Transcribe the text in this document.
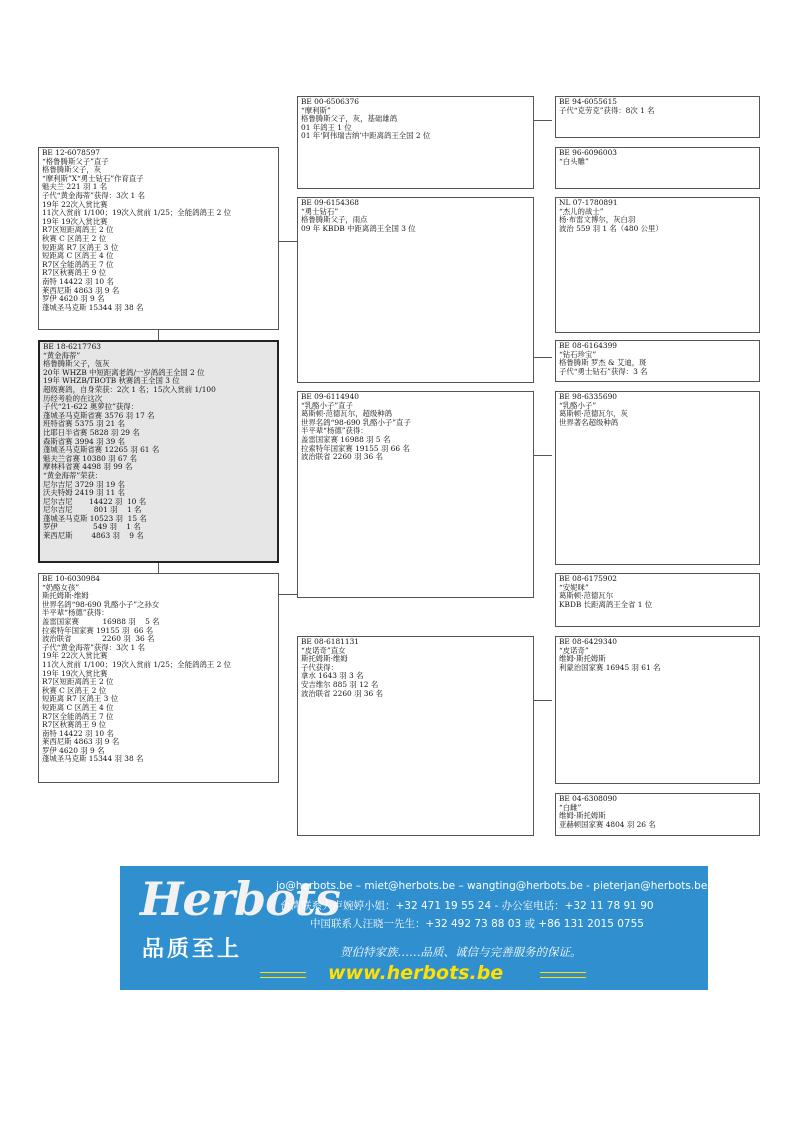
BE 12-6078597
“格鲁腾斯父子”直子
格鲁腾斯父子，灰
“摩利斯”X“勇士钻石”作育直子
魁夫兰 221 羽 1 名
子代“黄金海蒂”获得：3次 1 名
19年 22次入赏比赛
11次入赏前 1/100；19次入赏前 1/25；全能鸽鸽王 2 位
19年 19次入赏比赛
R7区短距离鸽王 2 位
秋赛 C 区鸽王 2 位
短距离 R7 区鸽王 3 位
短距离 C 区鸽王 4 位
R7区全能鸽鸽王 7 位
R7区秋赛鸽王 9 位
南特 14422 羽 10 名
莱西尼斯 4863 羽 9 名
罗伊 4620 羽 9 名
蓬城圣马克斯 15344 羽 38 名
BE 18-6217763
“黄金海蒂”
格鲁腾斯父子，瓴灰
20年 WHZB 中短距离老鸽/一岁鸽鸽王全国 2 位
19年 WHZB/TBOTB 秋赛鸽王全国 3 位
超级赛鸽，自身荣获：2次 1 名；15次入赏前 1/100
历经考验的在这次
子代“21-622 奥萝拉”获得：
蓬城圣马克斯省赛 3576 羽 17 名
班特省赛 5375 羽 21 名
比耶日半省赛 5828 羽 29 名
森斯省赛 3994 羽 39 名
蓬城圣马克斯省赛 12265 羽 61 名
魁夫兰省赛 10380 羽 67 名
摩林科省赛 4498 羽 99 名
“黄金海蒂”荣获：
尼尔吉尼 3729 羽 19 名
沃夫特姆 2419 羽 11 名
尼尔吉尼       14422 羽  10 名
尼尔吉尼         801 羽    1 名
蓬城圣马克斯 10523 羽  15 名
罗伊               549 羽    1 名
莱西尼斯        4863 羽    9 名
BE 10-6030984
“奶酪女孩”
斯托姆斯·维姆
世界名鸽“98-690 乳酪小子”之孙女
半平辈“杨德”获得：
盖雷国家赛          16988 羽    5 名
拉索特年国家赛 19155 羽  66 名
波治联省             2260 羽  36 名
子代“黄金海蒂”获得：3次 1 名
19年 22次入赏比赛
11次入赏前 1/100；19次入赏前 1/25；全能鸽鸽王 2 位
19年 19次入赏比赛
R7区短距离鸽王 2 位
秋赛 C 区鸽王 2 位
短距离 R7 区鸽王 3 位
短距离 C 区鸽王 4 位
R7区全能鸽鸽王 7 位
R7区秋赛鸽王 9 位
南特 14422 羽 10 名
莱西尼斯 4863 羽 9 名
罗伊 4620 羽 9 名
蓬城圣马克斯 15344 羽 38 名
BE 00-6506376
“摩利斯”
格鲁腾斯父子，灰，基础雄鸽
01 年鸽王 1 位
01 年‘阿伟瑞吉纳’中距离鸽王全国 2 位
BE 09-6154368
“勇士钻石”
格鲁腾斯父子，雨点
09 年 KBDB 中距离鸽王全国 3 位
BE 09-6114940
“乳酪小子”直子
葛斯顿·范德瓦尔，超级种鸽
世界名鸽“98-690 乳酪小子”直子
半平辈“杨德”获得：
盖雷国家赛 16988 羽 5 名
拉索特年国家赛 19155 羽 66 名
波治联省 2260 羽 36 名
BE 08-6181131
“皮诺奇”直女
斯托姆斯·维姆
子代获得：
拿水 1643 羽 3 名
安吉维尔 885 羽 12 名
波治联省 2260 羽 36 名
BE 94-6055615
子代“克劳克”获得：8次 1 名
BE 96-6096003
“白头雕”
NL 07-1780891
“杰儿的战士”
杨·布雷文博尔，灰白羽
波治 559 羽 1 名（480 公里）
BE 08-6164399
“钻石珍宝”
格鲁腾斯 罗杰 & 艾迪，斑
子代“勇士钻石”获得：3 名
BE 98-6335690
“乳酪小子”
葛斯顿·范德瓦尔，灰
世界著名超级种鸽
BE 08-6175902
“安妮咪”
葛斯顿·范德瓦尔
KBDB 长距离鸽王全省 1 位
BE 08-6429340
“皮诺奇”
维姆·斯托姆斯
利蒙治国家赛 16945 羽 61 名
BE 04-6308090
“白雌”
维姆·斯托姆斯
亚赫顿国家赛 4804 羽 26 名
Herbots
品质至上
jo@herbots.be – miet@herbots.be – wangting@herbots.be - pieterjan@herbots.be
台湾联系人卢婉婷小姐：+32 471 19 55 24 - 办公室电话：+32 11 78 91 90
中国联系人汪晓一先生：+32 492 73 88 03 或 +86 131 2015 0755
贺伯特家族……品质、诚信与完善服务的保证。
www.herbots.be
